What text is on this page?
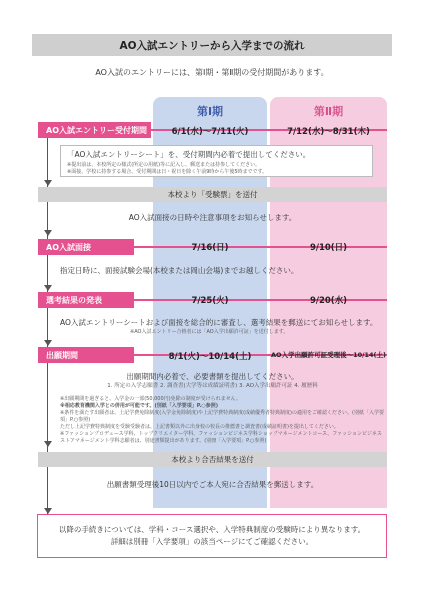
AO入試エントリーから入学までの流れ
AO入試のエントリーには、第Ⅰ期・第Ⅱ期の受付期間があります。
第Ⅰ期	第Ⅱ期
AO入試エントリー受付期間	6/1(水)〜7/11(火)	7/12(水)〜8/31(木)
「AO入試エントリーシート」を、受付期間内必着で提出してください。
※提出前は、本校所定の様式(所定の用紙)等に記入し、郵送または持参してください。
※面接、学校に持参する場合、受付期間は日・祝日を除く午前9時から午後5時までです。
本校より「受験票」を送付
AO入試面接の日時や注意事項をお知らせします。
AO入試面接	7/16(日)	9/10(日)
指定日時に、面接試験会場(本校または岡山会場)までお越しください。
選考結果の発表	7/25(火)	9/20(水)
AO入試エントリーシートおよび面接を総合的に審査し、選考結果を郵送にてお知らせします。
※AO入試エントリー合格者には「AO入学出願許可証」を送付します。
出願期間	8/1(火)〜10/14(土)	AO入学出願許可証受理後〜10/14(土)
出願期間内必着で、必要書類を提出してください。
1. 所定の入学志願書 2. 調査書(大学等は成績証明書) 3. AO入学出願許可証 4. 履歴料
※出願期間を過ぎると、入学金の一部(50,000円)免除の制度が受けられません。
※相応教育機関入学との併用が可能です。(別紙「入学要項」P.○参照)
※条件を満たす出願者は、上記学費免除制度(入学金免除制度)や上記学費特典制度(成績優秀者特典制度)の適用をご確認ください。(別紙「入学要項」P.○参照)
ただし上記学費特典制度を受験受験者は、上記書類以外に出身校の校長の推薦書と調査書(成績証明書)を提出してください。
※ファッションプロデュース学科、トップクリエイター学科、ファッションビジネス学科ショップマネージメントコース、ファッションビジネス
ストアマネージメント学科志願者は、別途書類提出があります。(別冊「入学要項」P.○参照)
本校より合否結果を送付
出願書類受理後10日以内でご本人宛に合否結果を郵送します。
以降の手続きについては、学科・コース選択や、入学特典制度の受験時により異なります。
詳細は別冊「入学要項」の該当ページにてご確認ください。
